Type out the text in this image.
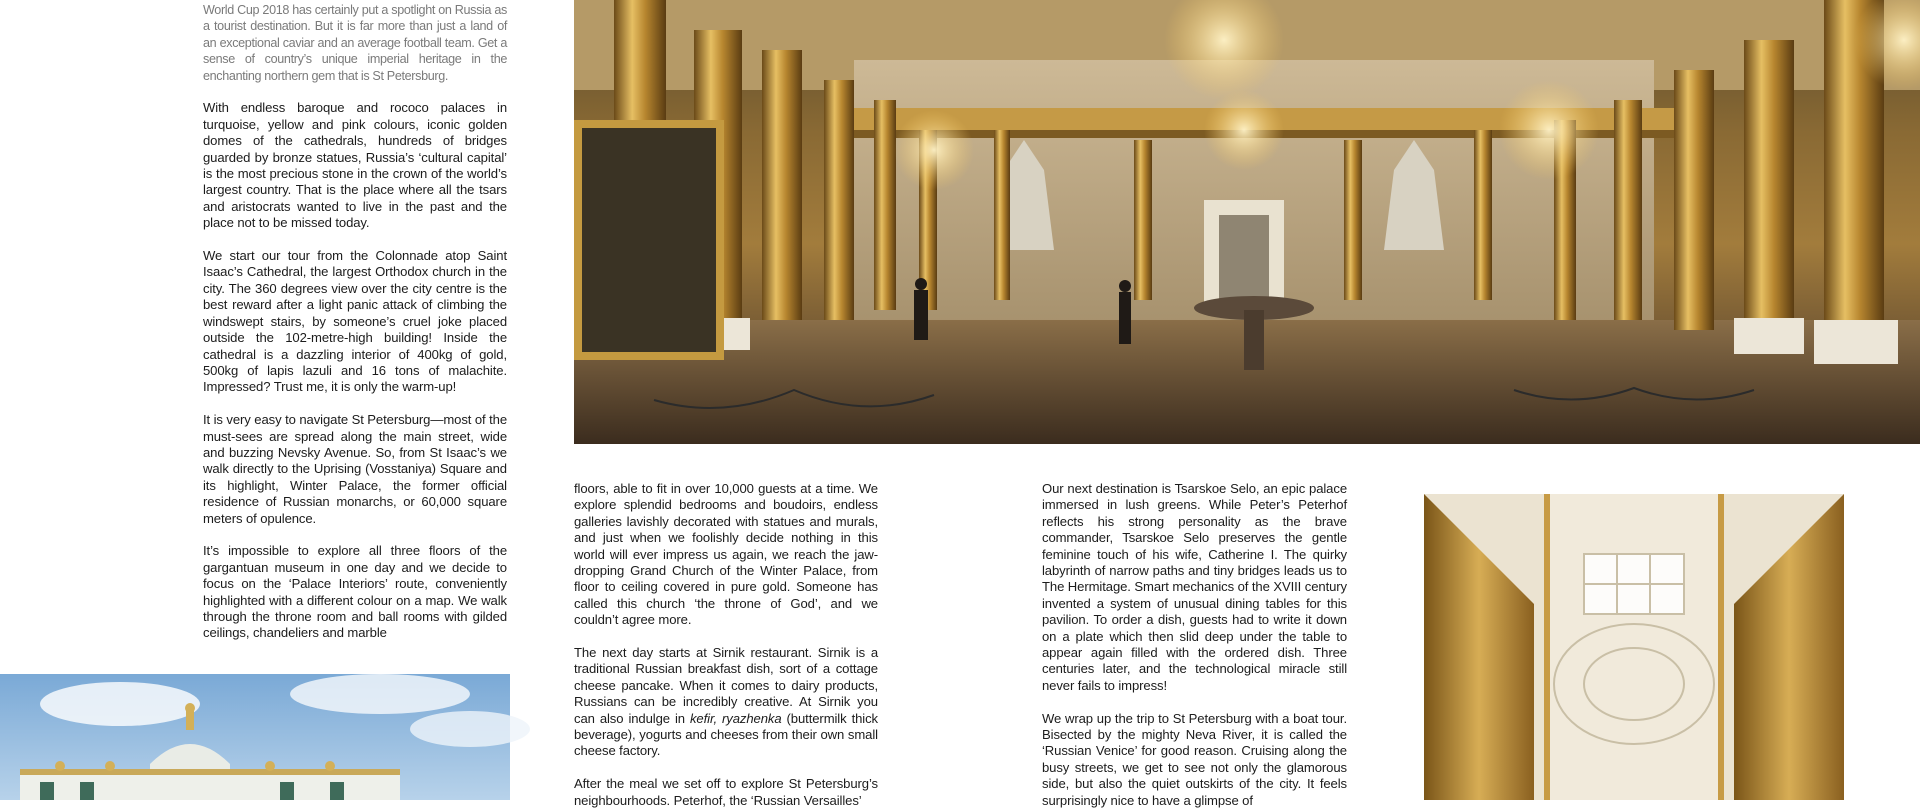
World Cup 2018 has certainly put a spotlight on Russia as a tourist destination. But it is far more than just a land of an exceptional caviar and an average football team. Get a sense of country’s unique imperial heritage in the enchanting northern gem that is St Petersburg.

With endless baroque and rococo palaces in turquoise, yellow and pink colours, iconic golden domes of the cathedrals, hundreds of bridges guarded by bronze statues, Russia’s ‘cultural capital’ is the most precious stone in the crown of the world’s largest country. That is the place where all the tsars and aristocrats wanted to live in the past and the place not to be missed today.

We start our tour from the Colonnade atop Saint Isaac’s Cathedral, the largest Orthodox church in the city. The 360 degrees view over the city centre is the best reward after a light panic attack of climbing the windswept stairs, by someone’s cruel joke placed outside the 102-metre-high building! Inside the cathedral is a dazzling interior of 400kg of gold, 500kg of lapis lazuli and 16 tons of malachite. Impressed? Trust me, it is only the warm-up!

It is very easy to navigate St Petersburg—most of the must-sees are spread along the main street, wide and buzzing Nevsky Avenue. So, from St Isaac’s we walk directly to the Uprising (Vosstaniya) Square and its highlight, Winter Palace, the former official residence of Russian monarchs, or 60,000 square meters of opulence.

It’s impossible to explore all three floors of the gargantuan museum in one day and we decide to focus on the ‘Palace Interiors’ route, conveniently highlighted with a different colour on a map. We walk through the throne room and ball rooms with gilded ceilings, chandeliers and marble

floors, able to fit in over 10,000 guests at a time. We explore splendid bedrooms and boudoirs, endless galleries lavishly decorated with statues and murals, and just when we foolishly decide nothing in this world will ever impress us again, we reach the jaw-dropping Grand Church of the Winter Palace, from floor to ceiling covered in pure gold. Someone has called this church ‘the throne of God’, and we couldn’t agree more.

The next day starts at Sirnik restaurant. Sirnik is a traditional Russian breakfast dish, sort of a cottage cheese pancake. When it comes to dairy products, Russians can be incredibly creative. At Sirnik you can also indulge in kefir, ryazhenka (buttermilk thick beverage), yogurts and cheeses from their own small cheese factory.

After the meal we set off to explore St Petersburg’s neighbourhoods. Peterhof, the ‘Russian Versailles’

Our next destination is Tsarskoe Selo, an epic palace immersed in lush greens. While Peter’s Peterhof reflects his strong personality as the brave commander, Tsarskoe Selo preserves the gentle feminine touch of his wife, Catherine I. The quirky labyrinth of narrow paths and tiny bridges leads us to The Hermitage. Smart mechanics of the XVIII century invented a system of unusual dining tables for this pavilion. To order a dish, guests had to write it down on a plate which then slid deep under the table to appear again filled with the ordered dish. Three centuries later, and the technological miracle still never fails to impress!

We wrap up the trip to St Petersburg with a boat tour. Bisected by the mighty Neva River, it is called the ‘Russian Venice’ for good reason. Cruising along the busy streets, we get to see not only the glamorous side, but also the quiet outskirts of the city. It feels surprisingly nice to have a glimpse of
